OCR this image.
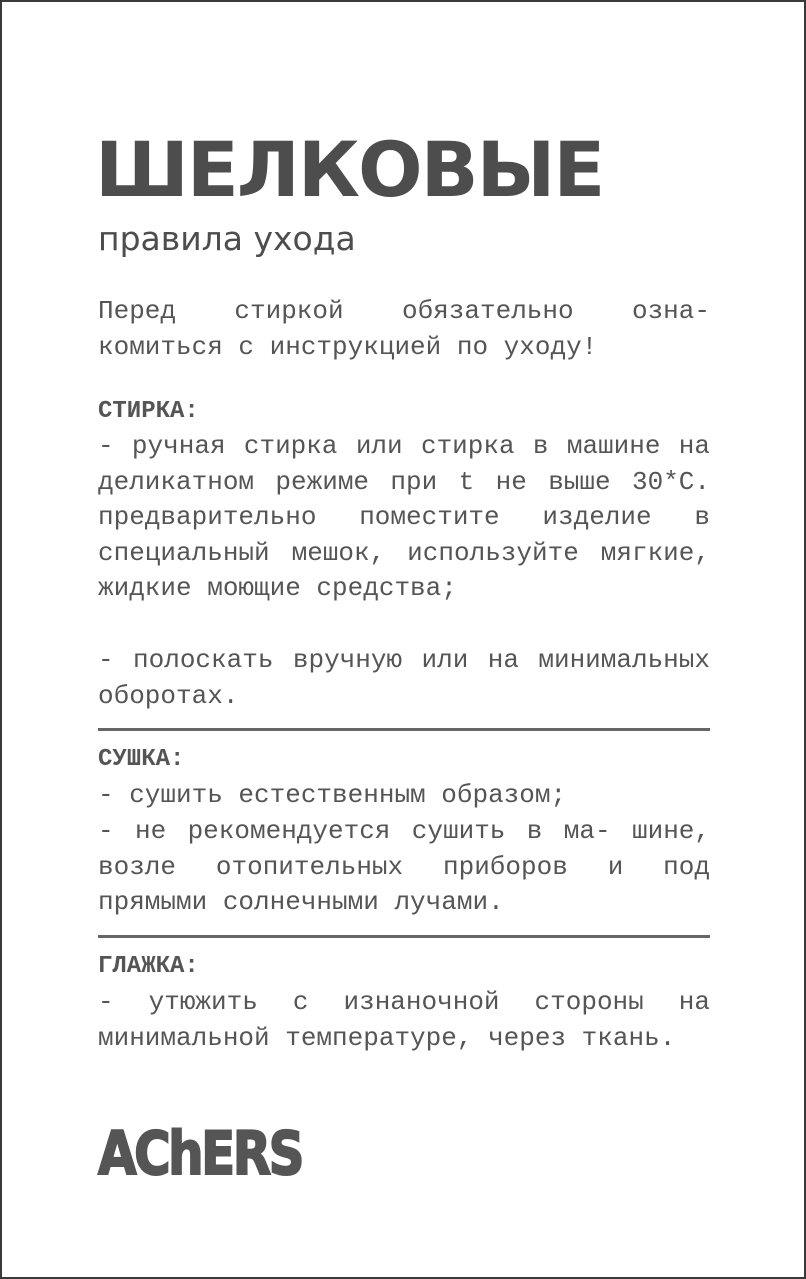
ШЕЛКОВЫЕ
правила ухода
Перед стиркой обязательно озна- комиться с инструкцией по уходу!
СТИРКА:
- ручная стирка или стирка в машине на деликатном режиме при t не выше 30*С. предварительно поместите изделие в специальный мешок, используйте мягкие, жидкие моющие средства;
- полоскать вручную или на минимальных оборотах.
СУШКА:
- сушить естественным образом;
- не рекомендуется сушить в ма- шине, возле отопительных приборов и под прямыми солнечными лучами.
ГЛАЖКА:
- утюжить с изнаночной стороны на минимальной температуре, через ткань.
AChERS
